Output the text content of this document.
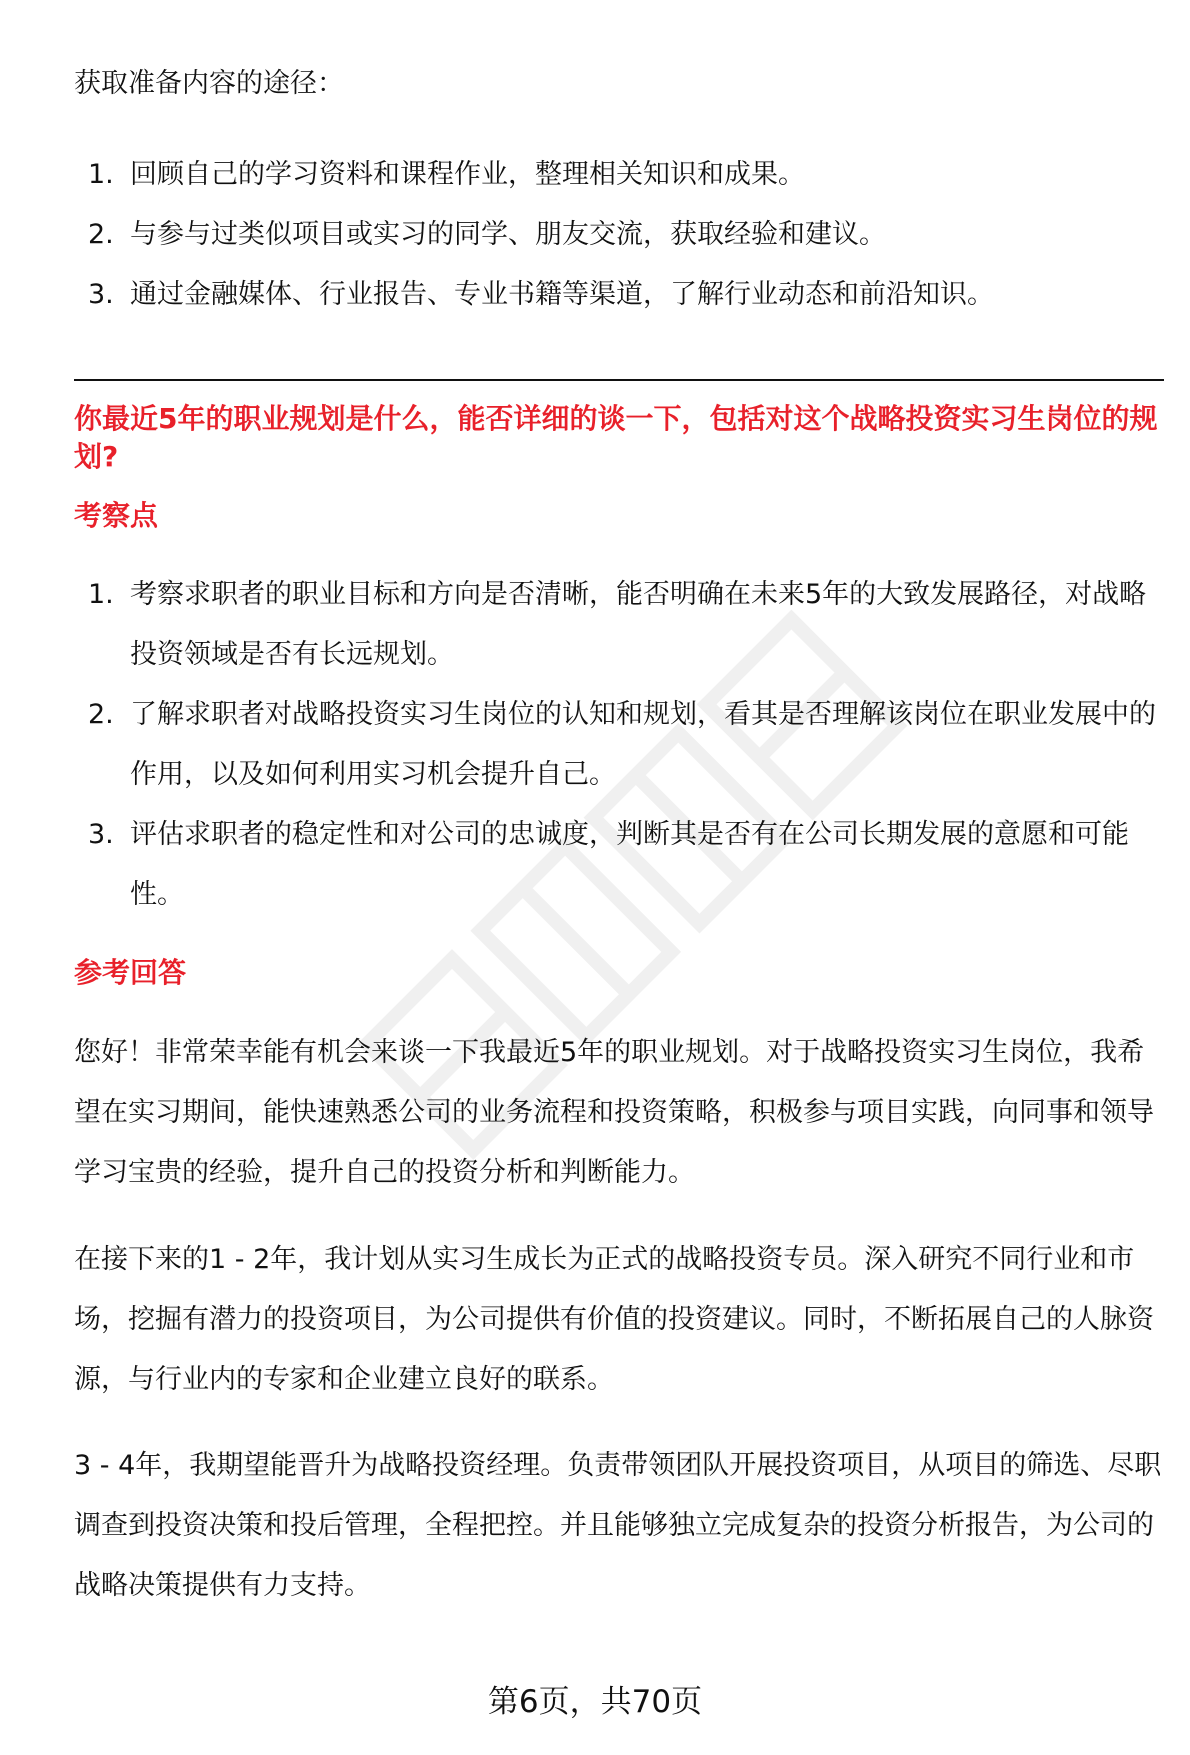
获取准备内容的途径：
1. 回顾自己的学习资料和课程作业，整理相关知识和成果。
2. 与参与过类似项目或实习的同学、朋友交流，获取经验和建议。
3. 通过金融媒体、行业报告、专业书籍等渠道，了解行业动态和前沿知识。
你最近5年的职业规划是什么，能否详细的谈一下，包括对这个战略投资实习生岗位的规划?
考察点
1. 考察求职者的职业目标和方向是否清晰，能否明确在未来5年的大致发展路径，对战略投资领域是否有长远规划。
2. 了解求职者对战略投资实习生岗位的认知和规划，看其是否理解该岗位在职业发展中的作用，以及如何利用实习机会提升自己。
3. 评估求职者的稳定性和对公司的忠诚度，判断其是否有在公司长期发展的意愿和可能性。
参考回答

您好！非常荣幸能有机会来谈一下我最近5年的职业规划。对于战略投资实习生岗位，我希望在实习期间，能快速熟悉公司的业务流程和投资策略，积极参与项目实践，向同事和领导学习宝贵的经验，提升自己的投资分析和判断能力。

在接下来的1 - 2年，我计划从实习生成长为正式的战略投资专员。深入研究不同行业和市场，挖掘有潜力的投资项目，为公司提供有价值的投资建议。同时，不断拓展自己的人脉资源，与行业内的专家和企业建立良好的联系。

3 - 4年，我期望能晋升为战略投资经理。负责带领团队开展投资项目，从项目的筛选、尽职调查到投资决策和投后管理，全程把控。并且能够独立完成复杂的投资分析报告，为公司的战略决策提供有力支持。

第6页，共70页
